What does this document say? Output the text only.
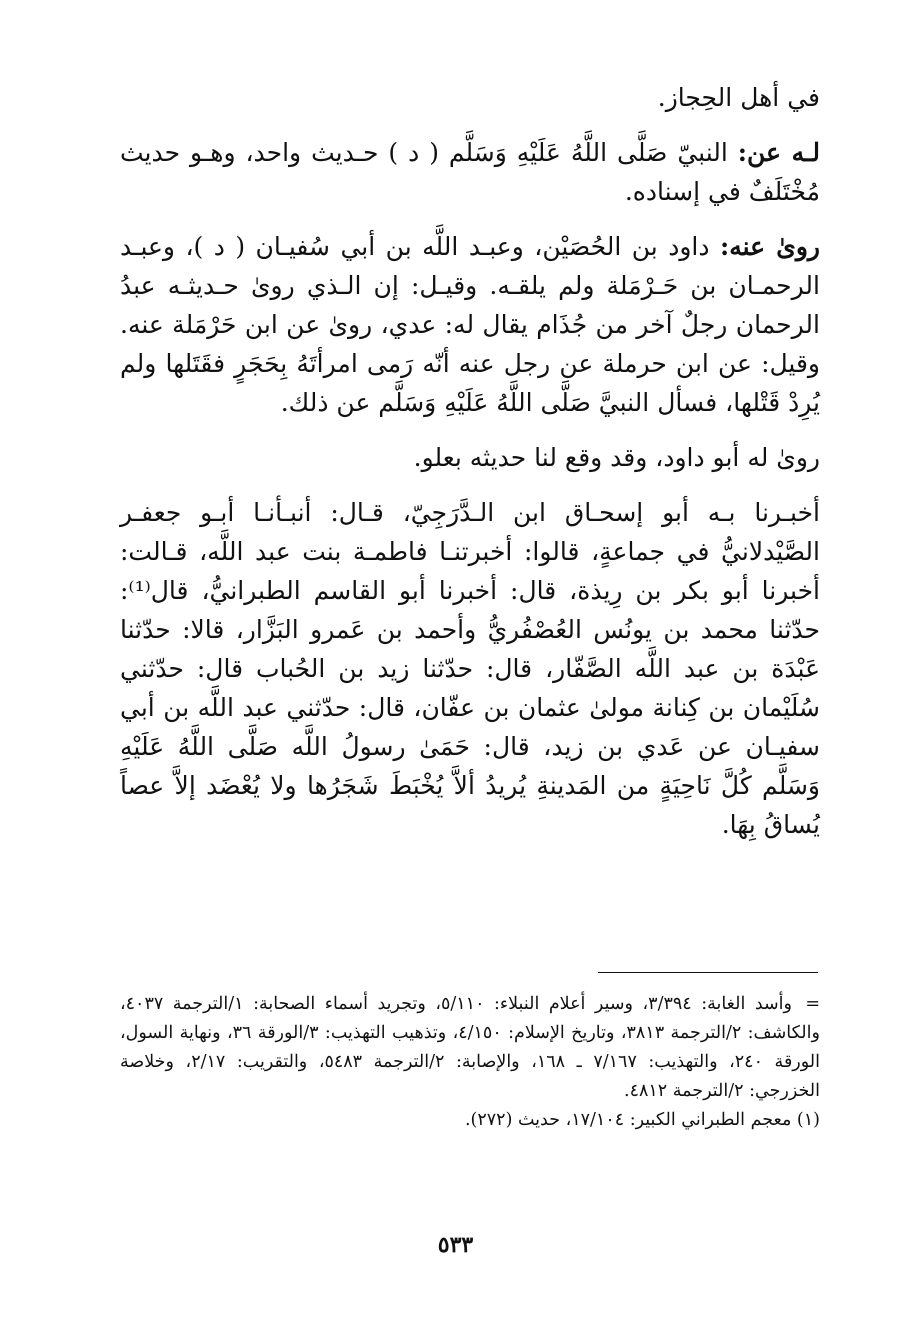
في أهل الحِجاز.

لـه عن: النبيّ صَلَّى اللَّهُ عَلَيْهِ وَسَلَّم ( د ) حـديث واحد، وهـو حديث مُخْتَلَفٌ في إسناده.

روىٰ عنه: داود بن الحُصَيْن، وعبـد اللَّه بن أبي سُفيـان ( د )، وعبـد الرحمـان بن حَـرْمَلة ولم يلقـه. وقيـل: إن الـذي روىٰ حـديثـه عبدُ الرحمان رجلٌ آخر من جُذَام يقال له: عدي، روىٰ عن ابن حَرْمَلة عنه. وقيل: عن ابن حرملة عن رجل عنه أنّه رَمى امرأتَهُ بِحَجَرٍ فقَتَلها ولم يُرِدْ قَتْلها، فسأل النبيَّ صَلَّى اللَّهُ عَلَيْهِ وَسَلَّم عن ذلك.

روىٰ له أبو داود، وقد وقع لنا حديثه بعلو.

أخبـرنا بـه أبو إسحـاق ابن الـدَّرَجِيّ، قـال: أنبـأنـا أبـو جعفـر الصَّيْدلانيُّ في جماعةٍ، قالوا: أخبرتنـا فاطمـة بنت عبد اللَّه، قـالت: أخبرنا أبو بكر بن رِيذة، قال: أخبرنا أبو القاسم الطبرانيُّ، قال⁽¹⁾: حدّثنا محمد بن يونُس العُصْفُريُّ وأحمد بن عَمرو البَزَّار، قالا: حدّثنا عَبْدَة بن عبد اللَّه الصَّفّار، قال: حدّثنا زيد بن الحُباب قال: حدّثني سُلَيْمان بن كِنانة مولىٰ عثمان بن عفّان، قال: حدّثني عبد اللَّه بن أبي سفيـان عن عَدي بن زيد، قال: حَمَىٰ رسولُ اللَّه صَلَّى اللَّهُ عَلَيْهِ وَسَلَّم كُلَّ نَاحِيَةٍ من المَدينةِ يُريدُ ألاَّ يُخْبَطَ شَجَرُها ولا يُعْضَد إلاَّ عصاً يُساقُ بِهَا.

=وأسد الغابة: ٣/٣٩٤، وسير أعلام النبلاء: ٥/١١٠، وتجريد أسماء الصحابة: ١/الترجمة ٤٠٣٧، والكاشف: ٢/الترجمة ٣٨١٣، وتاريخ الإسلام: ٤/١٥٠، وتذهيب التهذيب: ٣/الورقة ٣٦، ونهاية السول، الورقة ٢٤٠، والتهذيب: ٧/١٦٧ ـ ١٦٨، والإصابة: ٢/الترجمة ٥٤٨٣، والتقريب: ٢/١٧، وخلاصة الخزرجي: ٢/الترجمة ٤٨١٢.

(١) معجم الطبراني الكبير: ١٧/١٠٤، حديث (٢٧٢).

٥٣٣
